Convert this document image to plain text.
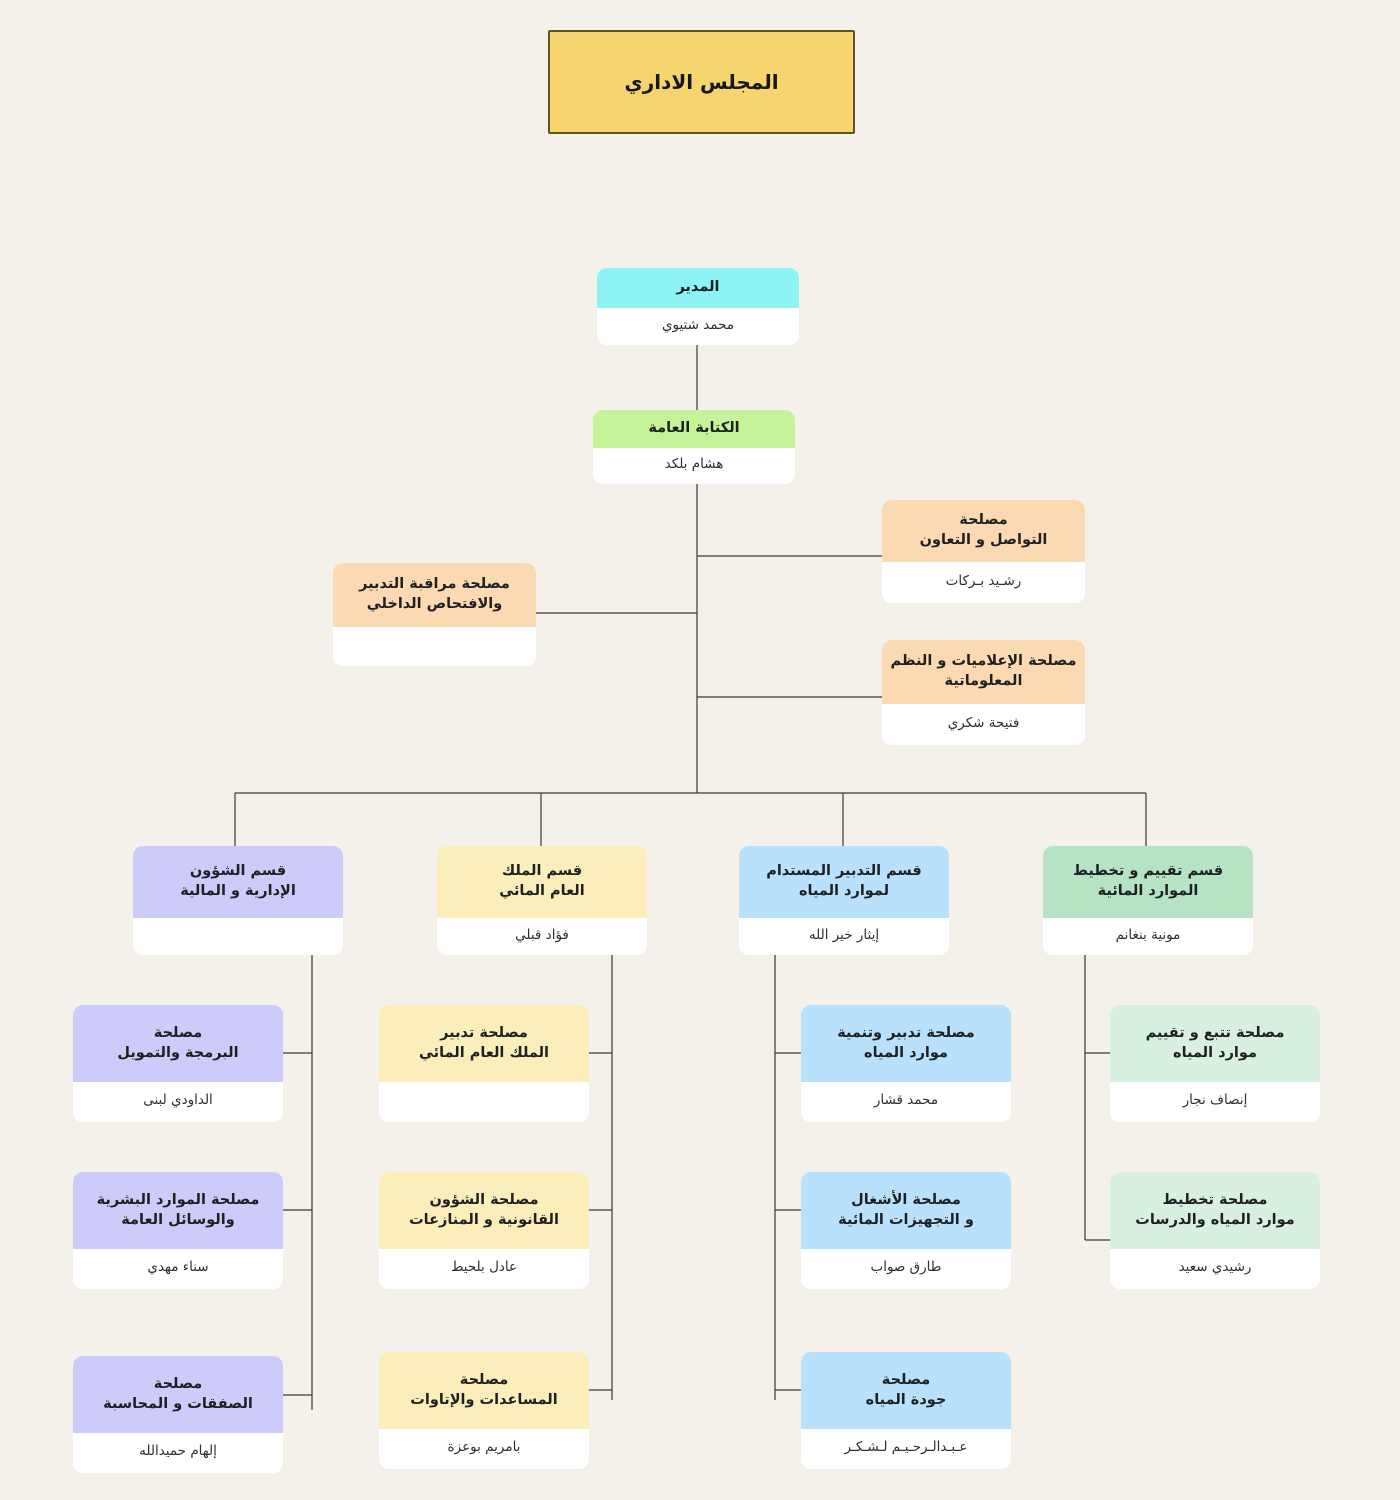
المجلس الاداري
المدير
محمد شتيوي
الكتابة العامة
هشام بلكد
مصلحة
التواصل و التعاون
رشـيد بـركات
مصلحة مراقبة التدبير
والافتحاص الداخلي
مصلحة الإعلاميات و النظم
المعلوماتية
فتيحة شكري
قسم الشؤون
الإدارية و المالية
مصلحة
البرمجة والتمويل
الداودي لبنى
مصلحة الموارد البشرية
والوسائل العامة
سناء مهدي
مصلحة
الصفقات و المحاسبة
إلهام حميدالله
قسم الملك
العام المائي
فؤاد قبلي
مصلحة تدبير
الملك العام المائي
مصلحة الشؤون
القانونية و المنازعات
عادل بلحيط
مصلحة
المساعدات والإتاوات
بامريم بوعزة
قسم التدبير المستدام
لموارد المياه
إيثار خير الله
مصلحة تدبير وتنمية
موارد المياه
محمد قشار
مصلحة الأشغال
و التجهيزات المائية
طارق صواب
مصلحة
جودة المياه
عـبـدالـرحـيـم لـشـكـر
قسم تقييم و تخطيط
الموارد المائية
مونية بنغانم
مصلحة تتبع و تقييم
موارد المياه
إنصاف نجار
مصلحة تخطيط
موارد المياه والدرسات
رشيدي سعيد
